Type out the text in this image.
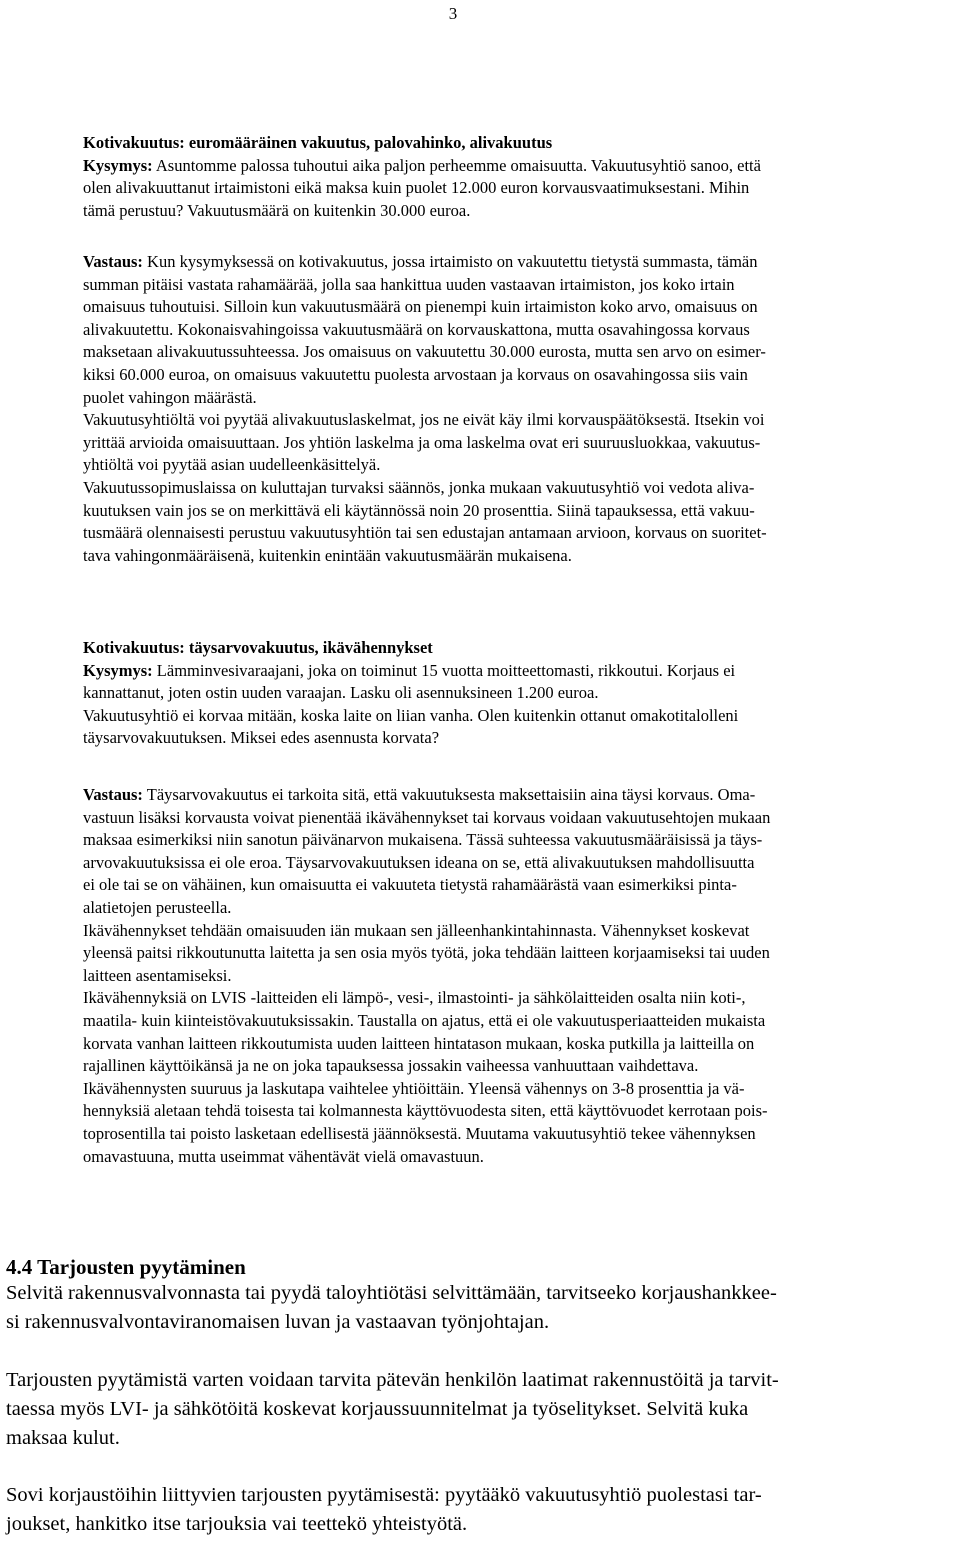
3
Kotivakuutus: euromääräinen vakuutus, palovahinko, alivakuutus
Kysymys: Asuntomme palossa tuhoutui aika paljon perheemme omaisuutta. Vakuutusyhtiö sanoo, että
olen alivakuuttanut irtaimistoni eikä maksa kuin puolet 12.000 euron korvausvaatimuksestani. Mihin
tämä perustuu? Vakuutusmäärä on kuitenkin 30.000 euroa.
Vastaus: Kun kysymyksessä on kotivakuutus, jossa irtaimisto on vakuutettu tietystä summasta, tämän
summan pitäisi vastata rahamäärää, jolla saa hankittua uuden vastaavan irtaimiston, jos koko irtain
omaisuus tuhoutuisi. Silloin kun vakuutusmäärä on pienempi kuin irtaimiston koko arvo, omaisuus on
alivakuutettu. Kokonaisvahingoissa vakuutusmäärä on korvauskattona, mutta osavahingossa korvaus
maksetaan alivakuutussuhteessa. Jos omaisuus on vakuutettu 30.000 eurosta, mutta sen arvo on esimer-
kiksi 60.000 euroa, on omaisuus vakuutettu puolesta arvostaan ja korvaus on osavahingossa siis vain
puolet vahingon määrästä.
Vakuutusyhtiöltä voi pyytää alivakuutuslaskelmat, jos ne eivät käy ilmi korvauspäätöksestä. Itsekin voi
yrittää arvioida omaisuuttaan. Jos yhtiön laskelma ja oma laskelma ovat eri suuruusluokkaa, vakuutus-
yhtiöltä voi pyytää asian uudelleenkäsittelyä.
Vakuutussopimuslaissa on kuluttajan turvaksi säännös, jonka mukaan vakuutusyhtiö voi vedota aliva-
kuutuksen vain jos se on merkittävä eli käytännössä noin 20 prosenttia. Siinä tapauksessa, että vakuu-
tusmäärä olennaisesti perustuu vakuutusyhtiön tai sen edustajan antamaan arvioon, korvaus on suoritet-
tava vahingonmääräisenä, kuitenkin enintään vakuutusmäärän mukaisena.
Kotivakuutus: täysarvovakuutus, ikävähennykset
Kysymys: Lämminvesivaraajani, joka on toiminut 15 vuotta moitteettomasti, rikkoutui. Korjaus ei
kannattanut, joten ostin uuden varaajan. Lasku oli asennuksineen 1.200 euroa.
Vakuutusyhtiö ei korvaa mitään, koska laite on liian vanha. Olen kuitenkin ottanut omakotitalolleni
täysarvovakuutuksen. Miksei edes asennusta korvata?
Vastaus: Täysarvovakuutus ei tarkoita sitä, että vakuutuksesta maksettaisiin aina täysi korvaus. Oma-
vastuun lisäksi korvausta voivat pienentää ikävähennykset tai korvaus voidaan vakuutusehtojen mukaan
maksaa esimerkiksi niin sanotun päivänarvon mukaisena. Tässä suhteessa vakuutusmääräisissä ja täys-
arvovakuutuksissa ei ole eroa. Täysarvovakuutuksen ideana on se, että alivakuutuksen mahdollisuutta
ei ole tai se on vähäinen, kun omaisuutta ei vakuuteta tietystä rahamäärästä vaan esimerkiksi pinta-
alatietojen perusteella.
Ikävähennykset tehdään omaisuuden iän mukaan sen jälleenhankintahinnasta. Vähennykset koskevat
yleensä paitsi rikkoutunutta laitetta ja sen osia myös työtä, joka tehdään laitteen korjaamiseksi tai uuden
laitteen asentamiseksi.
Ikävähennyksiä on LVIS -laitteiden eli lämpö-, vesi-, ilmastointi- ja sähkölaitteiden osalta niin koti-,
maatila- kuin kiinteistövakuutuksissakin. Taustalla on ajatus, että ei ole vakuutusperiaatteiden mukaista
korvata vanhan laitteen rikkoutumista uuden laitteen hintatason mukaan, koska putkilla ja laitteilla on
rajallinen käyttöikänsä ja ne on joka tapauksessa jossakin vaiheessa vanhuuttaan vaihdettava.
Ikävähennysten suuruus ja laskutapa vaihtelee yhtiöittäin. Yleensä vähennys on 3-8 prosenttia ja vä-
hennyksiä aletaan tehdä toisesta tai kolmannesta käyttövuodesta siten, että käyttövuodet kerrotaan pois-
toprosentilla tai poisto lasketaan edellisestä jäännöksestä. Muutama vakuutusyhtiö tekee vähennyksen
omavastuuna, mutta useimmat vähentävät vielä omavastuun.
4.4 Tarjousten pyytäminen
Selvitä rakennusvalvonnasta tai pyydä taloyhtiötäsi selvittämään, tarvitseeko korjaushankkee-
si rakennusvalvontaviranomaisen luvan ja vastaavan työnjohtajan.
Tarjousten pyytämistä varten voidaan tarvita pätevän henkilön laatimat rakennustöitä ja tarvit-
taessa myös LVI- ja sähkötöitä koskevat korjaussuunnitelmat ja työselitykset. Selvitä kuka
maksaa kulut.
Sovi korjaustöihin liittyvien tarjousten pyytämisestä: pyytääkö vakuutusyhtiö puolestasi tar-
joukset, hankitko itse tarjouksia vai teettekö yhteistyötä.
